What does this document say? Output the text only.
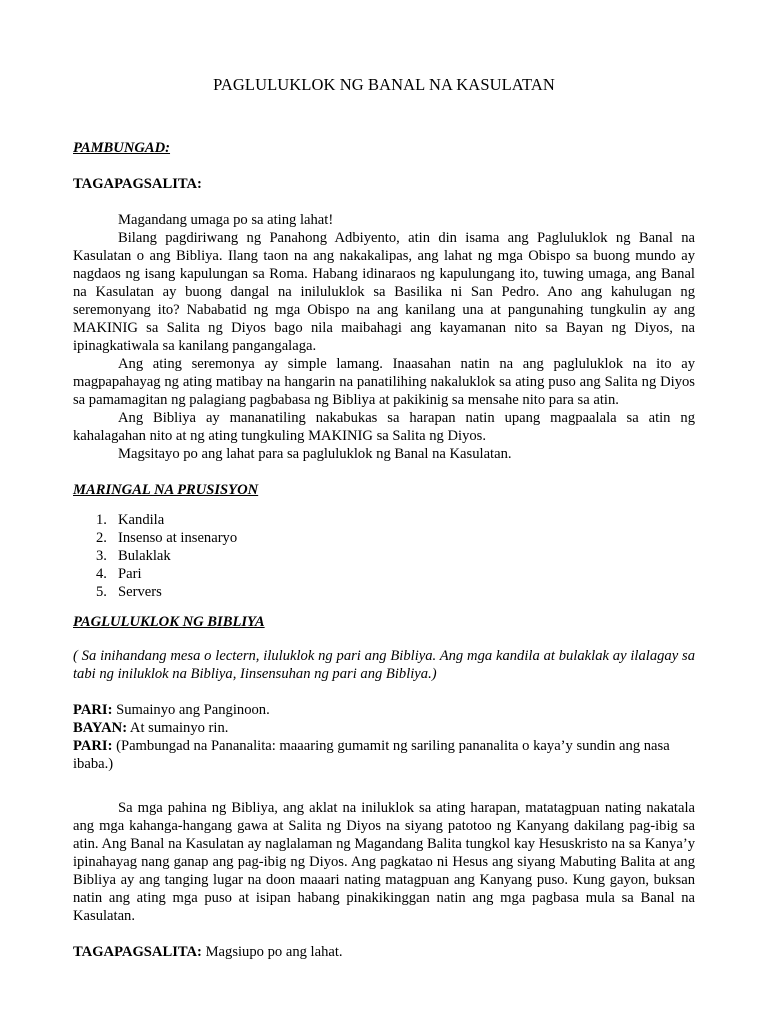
PAGLULUKLOK NG BANAL NA KASULATAN

PAMBUNGAD:

TAGAPAGSALITA:

Magandang umaga po sa ating lahat!

Bilang pagdiriwang ng Panahong Adbiyento, atin din isama ang Pagluluklok ng Banal na Kasulatan o ang Bibliya. Ilang taon na ang nakakalipas, ang lahat ng mga Obispo sa buong mundo ay nagdaos ng isang kapulungan sa Roma. Habang idinaraos ng kapulungang ito, tuwing umaga, ang Banal na Kasulatan ay buong dangal na iniluluklok sa Basilika ni San Pedro. Ano ang kahulugan ng seremonyang ito? Nababatid ng mga Obispo na ang kanilang una at pangunahing tungkulin ay ang MAKINIG sa Salita ng Diyos bago nila maibahagi ang kayamanan nito sa Bayan ng Diyos, na ipinagkatiwala sa kanilang pangangalaga.

Ang ating seremonya ay simple lamang. Inaasahan natin na ang pagluluklok na ito ay magpapahayag ng ating matibay na hangarin na panatilihing nakaluklok sa ating puso ang Salita ng Diyos sa pamamagitan ng palagiang pagbabasa ng Bibliya at pakikinig sa mensahe nito para sa atin.

Ang Bibliya ay mananatiling nakabukas sa harapan natin upang magpaalala sa atin ng kahalagahan nito at ng ating tungkuling MAKINIG sa Salita ng Diyos.

Magsitayo po ang lahat para sa pagluluklok ng Banal na Kasulatan.

MARINGAL NA PRUSISYON

1. Kandila
2. Insenso at insenaryo
3. Bulaklak
4. Pari
5. Servers

PAGLULUKLOK NG BIBLIYA

( Sa inihandang mesa o lectern, iluluklok ng pari ang Bibliya. Ang mga kandila at bulaklak ay ilalagay sa tabi ng iniluklok na Bibliya, Iinsensuhan ng pari ang Bibliya.)

PARI: Sumainyo ang Panginoon.

BAYAN: At sumainyo rin.

PARI: (Pambungad na Pananalita: maaaring gumamit ng sariling pananalita o kaya’y sundin ang nasa ibaba.)

Sa mga pahina ng Bibliya, ang aklat na iniluklok sa ating harapan, matatagpuan nating nakatala ang mga kahanga-hangang gawa at Salita ng Diyos na siyang patotoo ng Kanyang dakilang pag-ibig sa atin. Ang Banal na Kasulatan ay naglalaman ng Magandang Balita tungkol kay Hesuskristo na sa Kanya’y ipinahayag nang ganap ang pag-ibig ng Diyos. Ang pagkatao ni Hesus ang siyang Mabuting Balita at ang Bibliya ay ang tanging lugar na doon maaari nating matagpuan ang Kanyang puso. Kung gayon, buksan natin ang ating mga puso at isipan habang pinakikinggan natin ang mga pagbasa mula sa Banal na Kasulatan.

TAGAPAGSALITA: Magsiupo po ang lahat.
